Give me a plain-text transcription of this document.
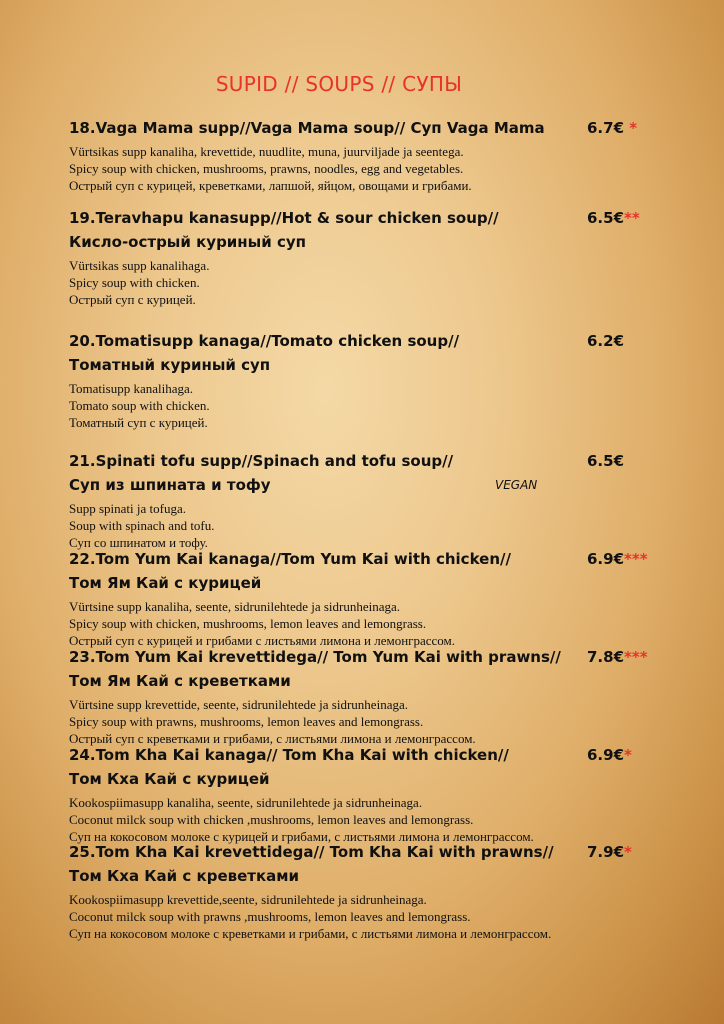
SUPID // SOUPS // СУПЫ
18.Vaga Mama supp//Vaga Mama soup// Суп Vaga Mama	6.7€ *
Vürtsikas supp kanaliha, krevettide, nuudlite, muna, juurviljade ja seentega.
Spicy soup with chicken, mushrooms, prawns, noodles, egg and vegetables.
Острый суп с курицей, креветками, лапшой, яйцом, овощами и грибами.
19.Teravhapu kanasupp//Hot & sour chicken soup//	6.5€**
Кисло-острый куриный суп
Vürtsikas supp kanalihaga.
Spicy soup with chicken.
Острый суп с курицей.
20.Tomatisupp kanaga//Tomato chicken soup//	6.2€
Томатный куриный суп
Tomatisupp kanalihaga.
Tomato soup with chicken.
Томатный суп с курицей.
21.Spinati tofu supp//Spinach and tofu soup//	6.5€
Суп из шпината и тофу	VEGAN
Supp spinati ja tofuga.
Soup with spinach and tofu.
Суп со шпинатом и тофу.
22.Tom Yum Kai kanaga//Tom Yum Kai with chicken//	6.9€***
Том Ям Кай с курицей
Vürtsine supp kanaliha, seente, sidrunilehtede ja sidrunheinaga.
Spicy soup with chicken, mushrooms, lemon leaves and lemongrass.
Острый суп с курицей и грибами с листьями лимона и лемонграссом.
23.Tom Yum Kai krevettidega// Tom Yum Kai with prawns// 7.8€***
Том Ям Кай с креветками
Vürtsine supp krevettide, seente, sidrunilehtede ja sidrunheinaga.
Spicy soup with prawns, mushrooms, lemon leaves and lemongrass.
Острый суп с креветками и грибами, с листьями лимона и лемонграссом.
24.Tom Kha Kai kanaga// Tom Kha Kai with chicken//	6.9€*
Том Кха Кай с курицей
Kookospiimasupp kanaliha, seente, sidrunilehtede ja sidrunheinaga.
Coconut milck soup with chicken ,mushrooms, lemon leaves and lemongrass.
Суп на кокосовом молоке с курицей и грибами, с листьями лимона и лемонграссом.
25.Tom Kha Kai krevettidega// Tom Kha Kai with prawns// 7.9€*
Том Кха Кай с креветками
Kookospiimasupp krevettide,seente, sidrunilehtede ja sidrunheinaga.
Coconut milck soup with prawns ,mushrooms, lemon leaves and lemongrass.
Суп на кокосовом молоке с креветками и грибами, с листьями лимона и лемонграссом.
